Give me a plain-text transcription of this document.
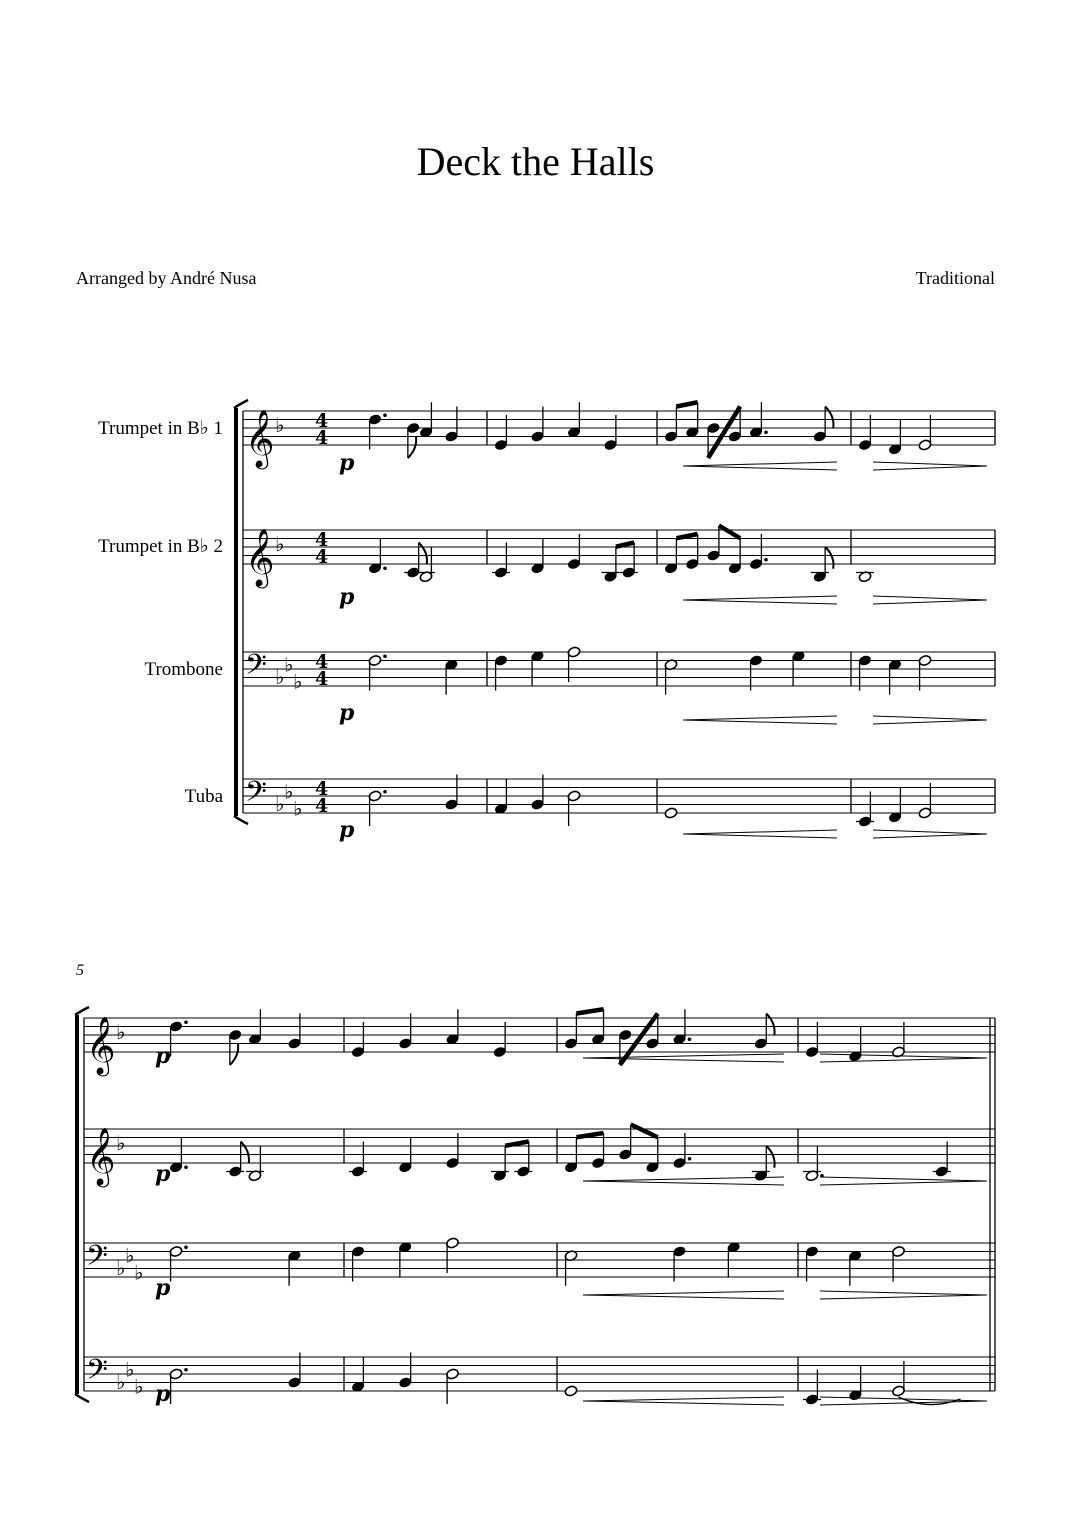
Deck the Halls
Arranged by André Nusa	Traditional
Trumpet in B♭ 1
Trumpet in B♭ 2
Trombone
Tuba
5
𝄞 ♭ 4
4
𝄞 ♭ 4
4
𝄢 ♭
♭
♭
4
4
𝄢 ♭
♭
♭
4
4
p
p
p
p
𝄞 ♭
𝄞 ♭
𝄢 ♭
♭
♭
𝄢 ♭
♭
♭
p
p
p
p
